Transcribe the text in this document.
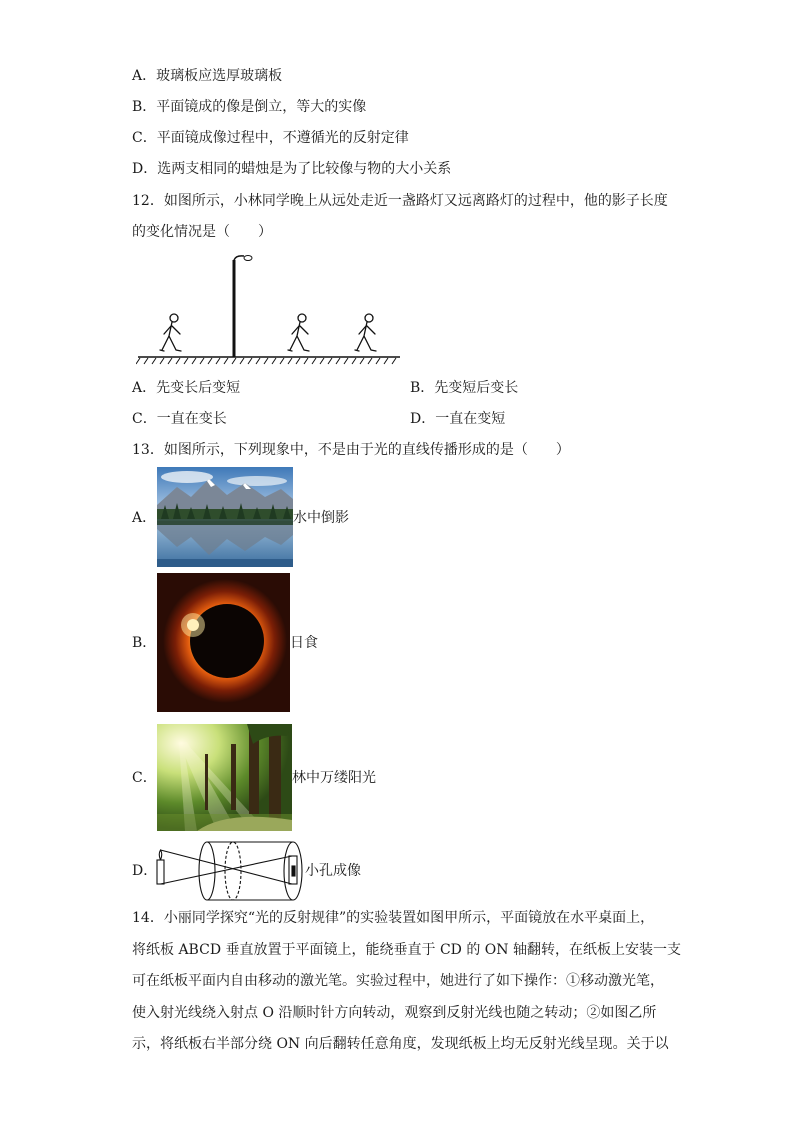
A．玻璃板应选厚玻璃板
B．平面镜成的像是倒立，等大的实像
C．平面镜成像过程中，不遵循光的反射定律
D．选两支相同的蜡烛是为了比较像与物的大小关系
12．如图所示，小林同学晚上从远处走近一盏路灯又远离路灯的过程中，他的影子长度
的变化情况是（　　）
A．先变长后变短	B．先变短后变长
C．一直在变长	D．一直在变短
13．如图所示，下列现象中，不是由于光的直线传播形成的是（　　）
A．	水中倒影
B．	日食
C．	林中万缕阳光
D．	小孔成像
14．小丽同学探究“光的反射规律”的实验装置如图甲所示，平面镜放在水平桌面上，
将纸板 ABCD 垂直放置于平面镜上，能绕垂直于 CD 的 ON 轴翻转，在纸板上安装一支
可在纸板平面内自由移动的激光笔。实验过程中，她进行了如下操作：①移动激光笔，
使入射光线绕入射点 O 沿顺时针方向转动，观察到反射光线也随之转动；②如图乙所
示，将纸板右半部分绕 ON 向后翻转任意角度，发现纸板上均无反射光线呈现。关于以
